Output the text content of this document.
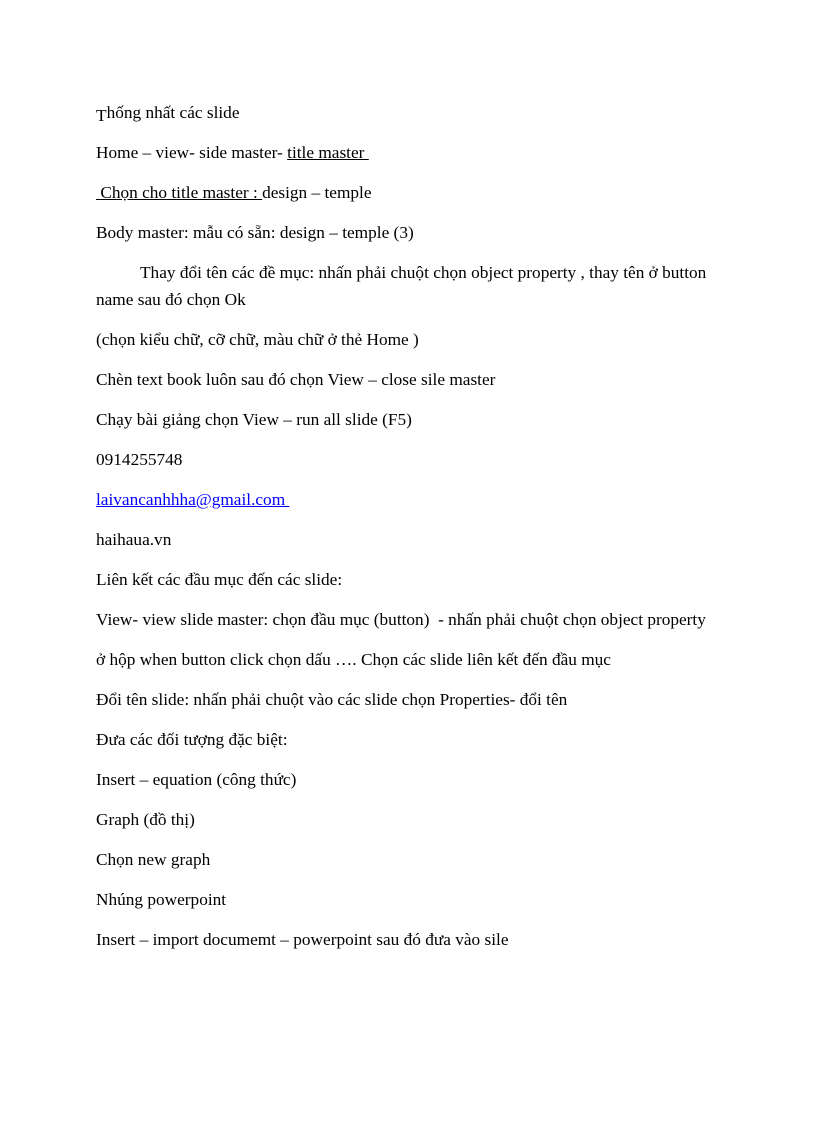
Thống nhất các slide

Home – view- side master- title master

Chọn cho title master : design – temple

Body master: mẫu có sẵn: design – temple (3)

Thay đổi tên các đề mục: nhấn phải chuột chọn object property , thay tên ở button name sau đó chọn Ok

(chọn kiểu chữ, cỡ chữ, màu chữ ở thẻ Home )

Chèn text book luôn sau đó chọn View – close sile master

Chạy bài giảng chọn View – run all slide (F5)

0914255748

laivancanhhha@gmail.com

haihaua.vn

Liên kết các đầu mục đến các slide:

View- view slide master: chọn đầu mục (button)  - nhấn phải chuột chọn object property

ở hộp when button click chọn dấu …. Chọn các slide liên kết đến đầu mục

Đổi tên slide: nhấn phải chuột vào các slide chọn Properties- đổi tên

Đưa các đối tượng đặc biệt:

Insert – equation (công thức)

Graph (đồ thị)

Chọn new graph

Nhúng powerpoint

Insert – import documemt – powerpoint sau đó đưa vào sile
